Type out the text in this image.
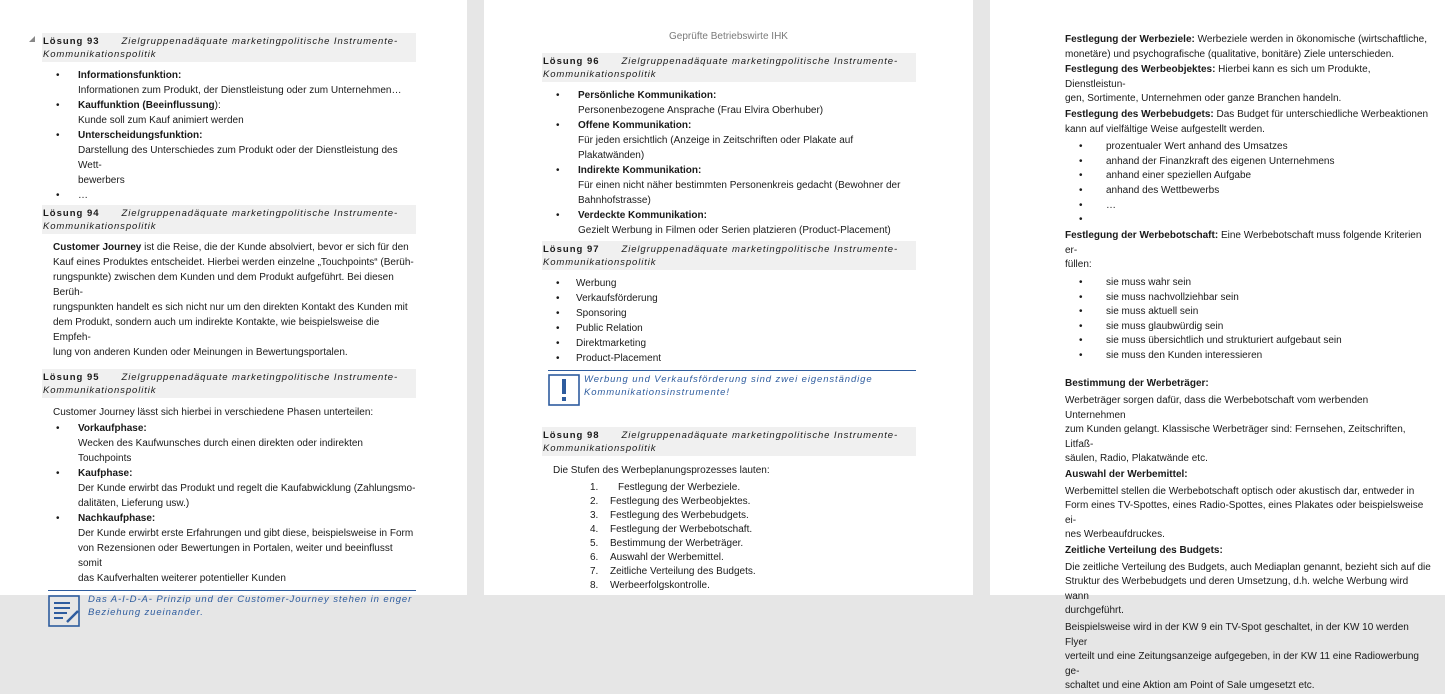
Lösung 93 Zielgruppenadäquate marketingpolitische Instrumente-
Kommunikationspolitik
• Informationsfunktion:
Informationen zum Produkt, der Dienstleistung oder zum Unternehmen…
• Kauffunktion (Beeinflussung):
Kunde soll zum Kauf animiert werden
• Unterscheidungsfunktion:
Darstellung des Unterschiedes zum Produkt oder der Dienstleistung des Wett-
bewerbers
• …
Lösung 94 Zielgruppenadäquate marketingpolitische Instrumente-
Kommunikationspolitik
Customer Journey ist die Reise, die der Kunde absolviert, bevor er sich für den
Kauf eines Produktes entscheidet. Hierbei werden einzelne „Touchpoints“ (Berüh-
rungspunkte) zwischen dem Kunden und dem Produkt aufgeführt. Bei diesen Berüh-
rungspunkten handelt es sich nicht nur um den direkten Kontakt des Kunden mit
dem Produkt, sondern auch um indirekte Kontakte, wie beispielsweise die Empfeh-
lung von anderen Kunden oder Meinungen in Bewertungsportalen.
Lösung 95 Zielgruppenadäquate marketingpolitische Instrumente-
Kommunikationspolitik
Customer Journey lässt sich hierbei in verschiedene Phasen unterteilen:
• Vorkaufphase:
Wecken des Kaufwunsches durch einen direkten oder indirekten Touchpoints
• Kaufphase:
Der Kunde erwirbt das Produkt und regelt die Kaufabwicklung (Zahlungsmo-
dalitäten, Lieferung usw.)
• Nachkaufphase:
Der Kunde erwirbt erste Erfahrungen und gibt diese, beispielsweise in Form
von Rezensionen oder Bewertungen in Portalen, weiter und beeinflusst somit
das Kaufverhalten weiterer potentieller Kunden
Das A-I-D-A- Prinzip und der Customer-Journey stehen in enger
Beziehung zueinander.
Geprüfte Betriebswirte IHK
Lösung 96 Zielgruppenadäquate marketingpolitische Instrumente-
Kommunikationspolitik
• Persönliche Kommunikation:
Personenbezogene Ansprache (Frau Elvira Oberhuber)
• Offene Kommunikation:
Für jeden ersichtlich (Anzeige in Zeitschriften oder Plakate auf Plakatwänden)
• Indirekte Kommunikation:
Für einen nicht näher bestimmten Personenkreis gedacht (Bewohner der
Bahnhofstrasse)
• Verdeckte Kommunikation:
Gezielt Werbung in Filmen oder Serien platzieren (Product-Placement)
Lösung 97 Zielgruppenadäquate marketingpolitische Instrumente-
Kommunikationspolitik
• Werbung
• Verkaufsförderung
• Sponsoring
• Public Relation
• Direktmarketing
• Product-Placement
Werbung und Verkaufsförderung sind zwei eigenständige
Kommunikationsinstrumente!
Lösung 98 Zielgruppenadäquate marketingpolitische Instrumente-
Kommunikationspolitik
Die Stufen des Werbeplanungsprozesses lauten:
1. Festlegung der Werbeziele.
2. Festlegung des Werbeobjektes.
3. Festlegung des Werbebudgets.
4. Festlegung der Werbebotschaft.
5. Bestimmung der Werbeträger.
6. Auswahl der Werbemittel.
7. Zeitliche Verteilung des Budgets.
8. Werbeerfolgskontrolle.
Festlegung der Werbeziele: Werbeziele werden in ökonomische (wirtschaftliche,
monetäre) und psychografische (qualitative, bonitäre) Ziele unterschieden.
Festlegung des Werbeobjektes: Hierbei kann es sich um Produkte, Dienstleistun-
gen, Sortimente, Unternehmen oder ganze Branchen handeln.
Festlegung des Werbebudgets: Das Budget für unterschiedliche Werbeaktionen
kann auf vielfältige Weise aufgestellt werden.
• prozentualer Wert anhand des Umsatzes
• anhand der Finanzkraft des eigenen Unternehmens
• anhand einer speziellen Aufgabe
• anhand des Wettbewerbs
• …
•
Festlegung der Werbebotschaft: Eine Werbebotschaft muss folgende Kriterien er-
füllen:
• sie muss wahr sein
• sie muss nachvollziehbar sein
• sie muss aktuell sein
• sie muss glaubwürdig sein
• sie muss übersichtlich und strukturiert aufgebaut sein
• sie muss den Kunden interessieren
Bestimmung der Werbeträger:
Werbeträger sorgen dafür, dass die Werbebotschaft vom werbenden Unternehmen
zum Kunden gelangt. Klassische Werbeträger sind: Fernsehen, Zeitschriften, Litfaß-
säulen, Radio, Plakatwände etc.
Auswahl der Werbemittel:
Werbemittel stellen die Werbebotschaft optisch oder akustisch dar, entweder in
Form eines TV-Spottes, eines Radio-Spottes, eines Plakates oder beispielsweise ei-
nes Werbeaufdruckes.
Zeitliche Verteilung des Budgets:
Die zeitliche Verteilung des Budgets, auch Mediaplan genannt, bezieht sich auf die
Struktur des Werbebudgets und deren Umsetzung, d.h. welche Werbung wird wann
durchgeführt.
Beispielsweise wird in der KW 9 ein TV-Spot geschaltet, in der KW 10 werden Flyer
verteilt und eine Zeitungsanzeige aufgegeben, in der KW 11 eine Radiowerbung ge-
schaltet und eine Aktion am Point of Sale umgesetzt etc.
